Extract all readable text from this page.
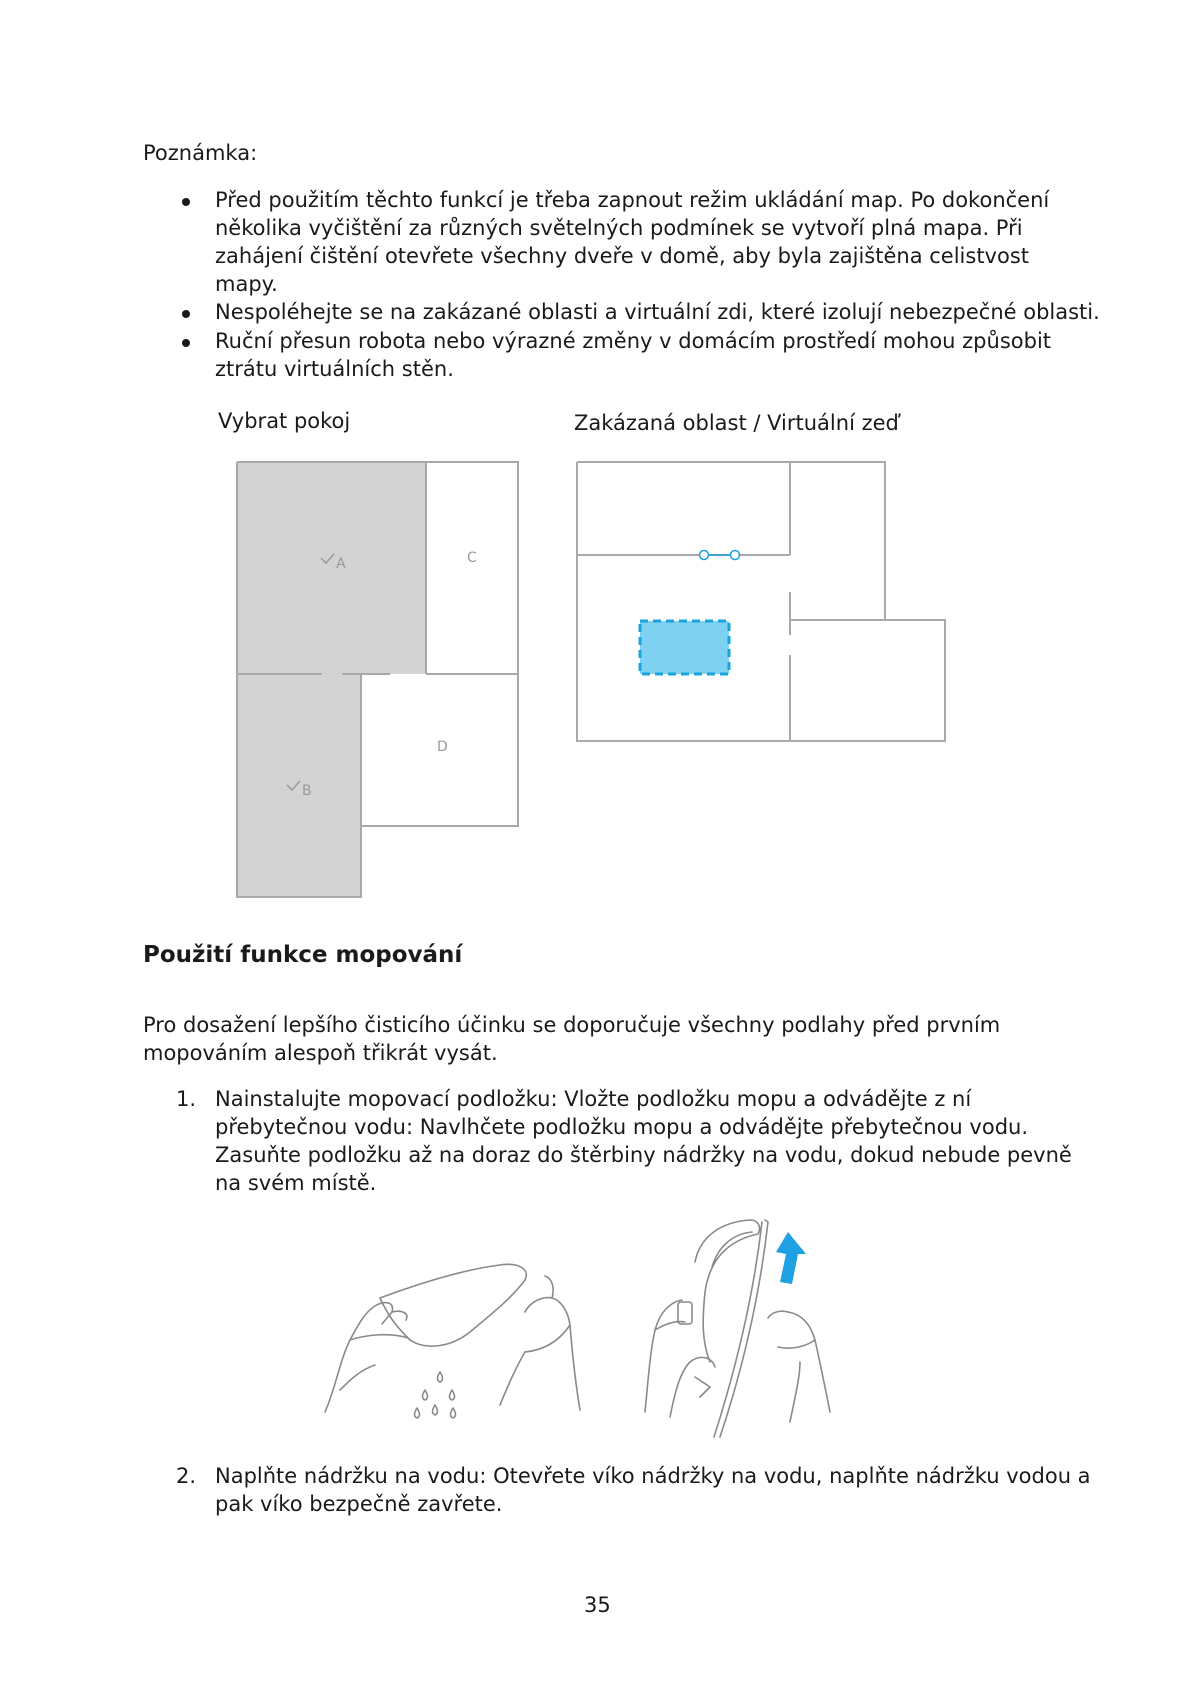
Poznámka:
Před použitím těchto funkcí je třeba zapnout režim ukládání map. Po dokončení
několika vyčištění za různých světelných podmínek se vytvoří plná mapa. Při
zahájení čištění otevřete všechny dveře v domě, aby byla zajištěna celistvost
mapy.
Nespoléhejte se na zakázané oblasti a virtuální zdi, které izolují nebezpečné oblasti.
Ruční přesun robota nebo výrazné změny v domácím prostředí mohou způsobit
ztrátu virtuálních stěn.
Vybrat pokoj	Zakázaná oblast / Virtuální zeď
A	C
D
B
Použití funkce mopování
Pro dosažení lepšího čisticího účinku se doporučuje všechny podlahy před prvním
mopováním alespoň třikrát vysát.
1. Nainstalujte mopovací podložku: Vložte podložku mopu a odvádějte z ní
přebytečnou vodu: Navlhčete podložku mopu a odvádějte přebytečnou vodu.
Zasuňte podložku až na doraz do štěrbiny nádržky na vodu, dokud nebude pevně
na svém místě.
2. Naplňte nádržku na vodu: Otevřete víko nádržky na vodu, naplňte nádržku vodou a
pak víko bezpečně zavřete.
35
